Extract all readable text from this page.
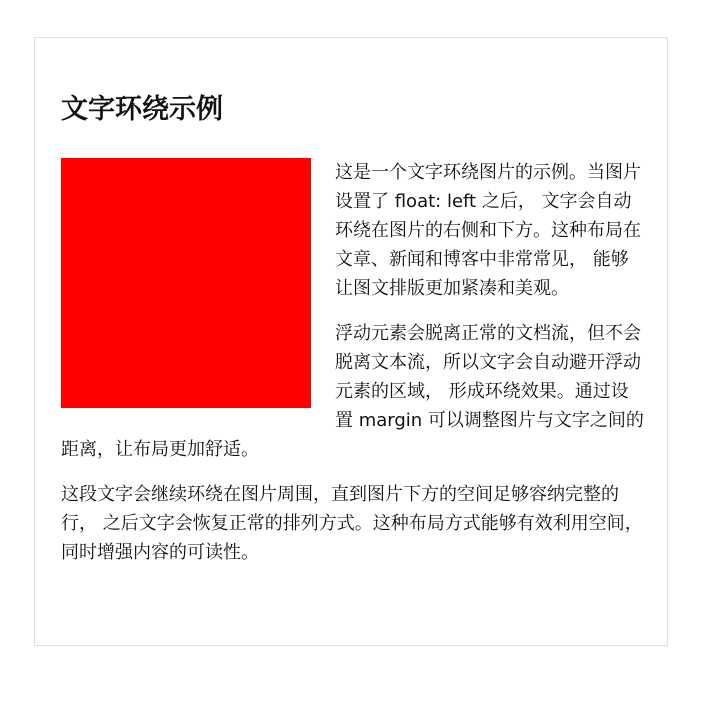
文字环绕示例

这是一个文字环绕图片的示例。当图片设置了 float: left 之后， 文字会自动环绕在图片的右侧和下方。这种布局在文章、新闻和博客中非常常见， 能够让图文排版更加紧凑和美观。

浮动元素会脱离正常的文档流，但不会脱离文本流，所以文字会自动避开浮动元素的区域， 形成环绕效果。通过设置 margin 可以调整图片与文字之间的距离，让布局更加舒适。

这段文字会继续环绕在图片周围，直到图片下方的空间足够容纳完整的行， 之后文字会恢复正常的排列方式。这种布局方式能够有效利用空间，同时增强内容的可读性。
